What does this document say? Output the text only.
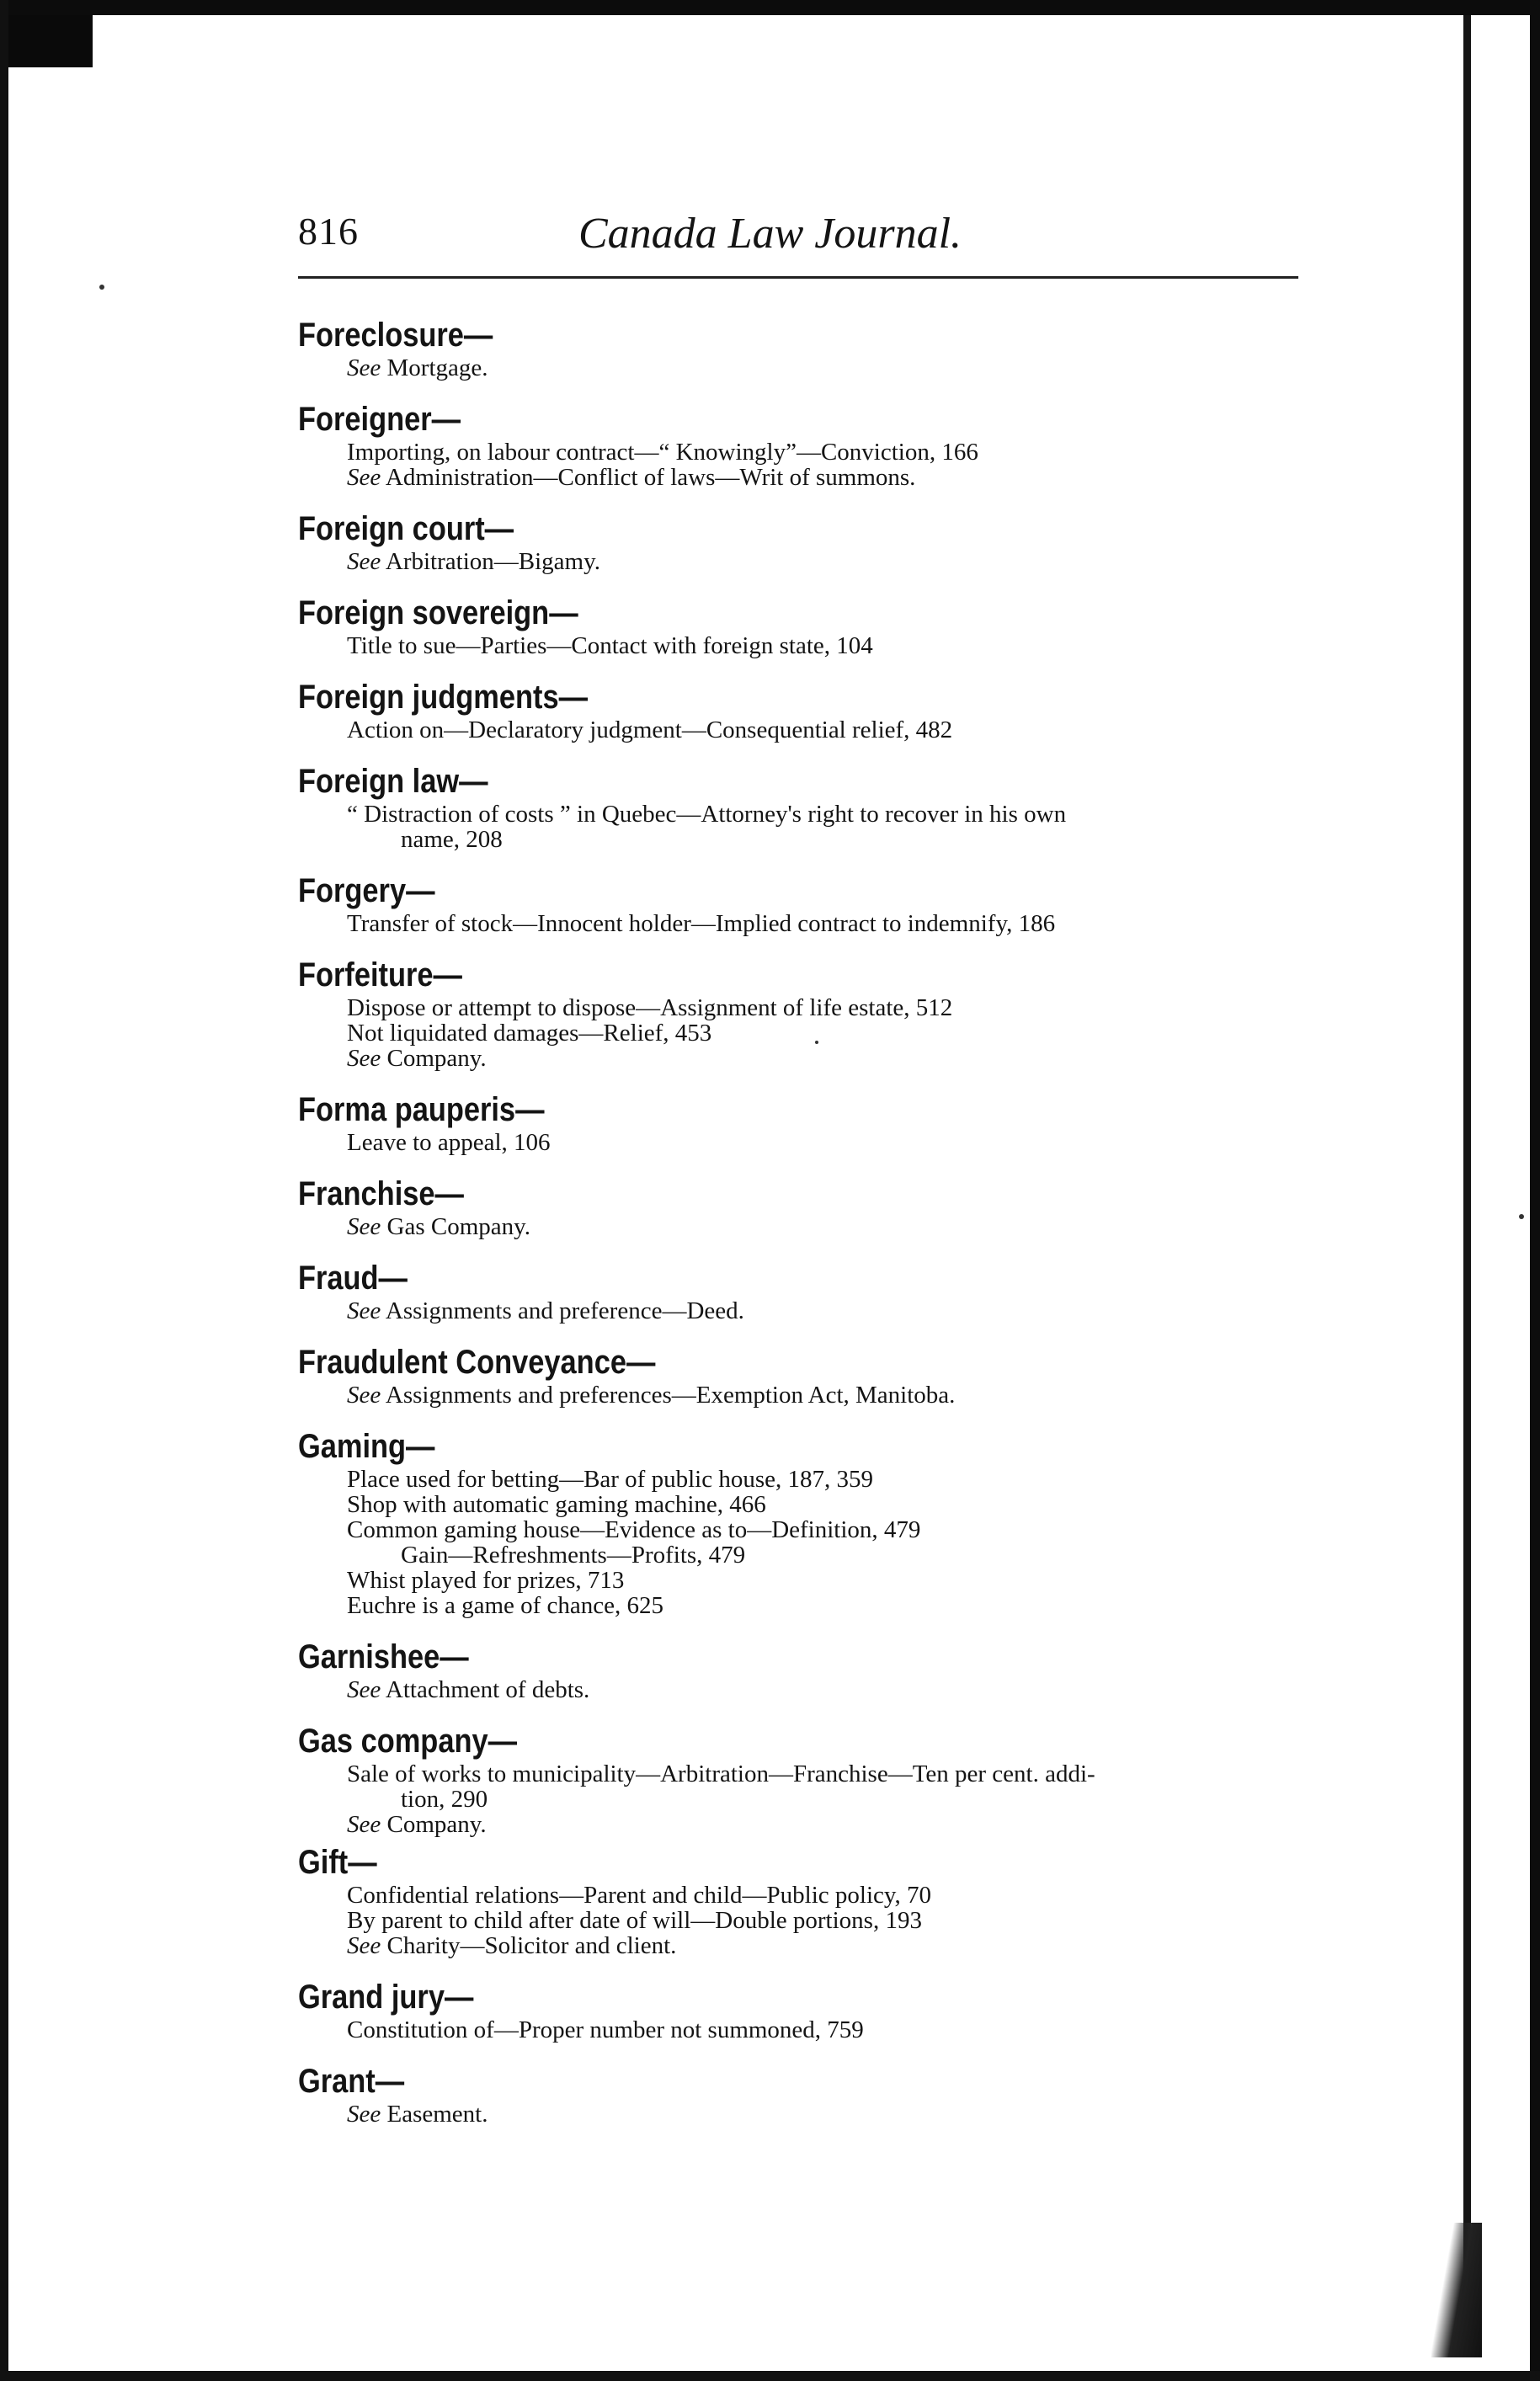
816	Canada Law Journal.
Foreclosure—
See Mortgage.
Foreigner—
Importing, on labour contract—“ Knowingly”—Conviction, 166
See Administration—Conflict of laws—Writ of summons.
Foreign court—
See Arbitration—Bigamy.
Foreign sovereign—
Title to sue—Parties—Contact with foreign state, 104
Foreign judgments—
Action on—Declaratory judgment—Consequential relief, 482
Foreign law—
“ Distraction of costs ” in Quebec—Attorney's right to recover in his own
name, 208
Forgery—
Transfer of stock—Innocent holder—Implied contract to indemnify, 186
Forfeiture—
Dispose or attempt to dispose—Assignment of life estate, 512
Not liquidated damages—Relief, 453
See Company.
Forma pauperis—
Leave to appeal, 106
Franchise—
See Gas Company.
Fraud—
See Assignments and preference—Deed.
Fraudulent Conveyance—
See Assignments and preferences—Exemption Act, Manitoba.
Gaming—
Place used for betting—Bar of public house, 187, 359
Shop with automatic gaming machine, 466
Common gaming house—Evidence as to—Definition, 479
Gain—Refreshments—Profits, 479
Whist played for prizes, 713
Euchre is a game of chance, 625
Garnishee—
See Attachment of debts.
Gas company—
Sale of works to municipality—Arbitration—Franchise—Ten per cent. addi-
tion, 290
See Company.
Gift—
Confidential relations—Parent and child—Public policy, 70
By parent to child after date of will—Double portions, 193
See Charity—Solicitor and client.
Grand jury—
Constitution of—Proper number not summoned, 759
Grant—
See Easement.
